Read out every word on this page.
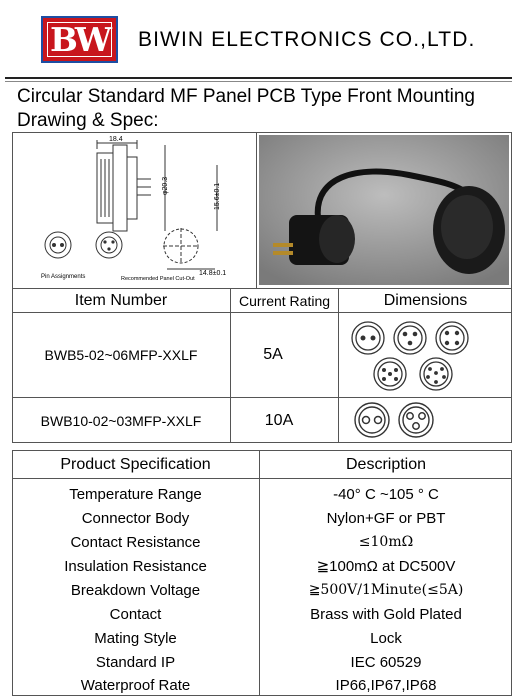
BW	BIWIN ELECTRONICS CO.,LTD.
Circular Standard MF Panel PCB Type Front Mounting
Drawing & Spec:
18.4
φ20.3	15.6±0.1
14.8±0.1
Pin Assignments	Recommended Panel Cut-Out
Item Number	Current Rating	Dimensions
BWB5-02~06MFP-XXLF	5A
BWB10-02~03MFP-XXLF	10A
Product Specification	Description
Temperature Range	-40° C ~105 ° C
Connector Body	Nylon+GF or PBT
Contact Resistance	≤10mΩ
Insulation Resistance	≧100mΩ at DC500V
Breakdown Voltage	≧500V/1Minute(≤5A)
Contact	Brass with Gold Plated
Mating Style	Lock
Standard IP	IEC 60529
Waterproof Rate	IP66,IP67,IP68
